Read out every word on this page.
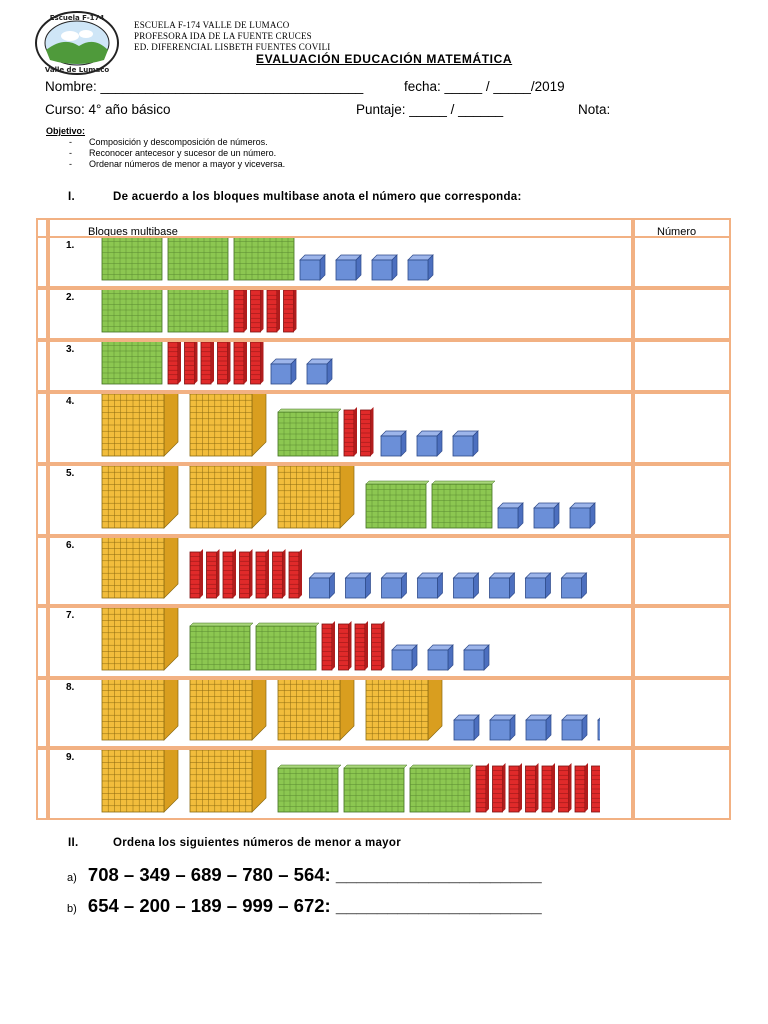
Escuela F-174
Valle de Lumaco
ESCUELA F-174 VALLE DE LUMACO
PROFESORA IDA DE LA FUENTE CRUCES
ED. DIFERENCIAL LISBETH FUENTES COVILI
EVALUACIÓN EDUCACIÓN MATEMÁTICA
Nombre: ___________________________________	fecha: _____ / _____/2019
Curso: 4° año básico	Puntaje: _____ / ______	Nota:
Objetivo:
- Composición y descomposición de números.
- Reconocer antecesor y sucesor de un número.
- Ordenar números de menor a mayor y viceversa.
I.	De acuerdo a los bloques multibase anota el número que corresponda:
Bloques multibase	Número
1.
2.
3.
4.
5.
6.
7.
8.
9.
II.	Ordena los siguientes números de menor a mayor
a) 708 – 349 – 689 – 780 – 564: ____________________
b) 654 – 200 – 189 – 999 – 672: ____________________
